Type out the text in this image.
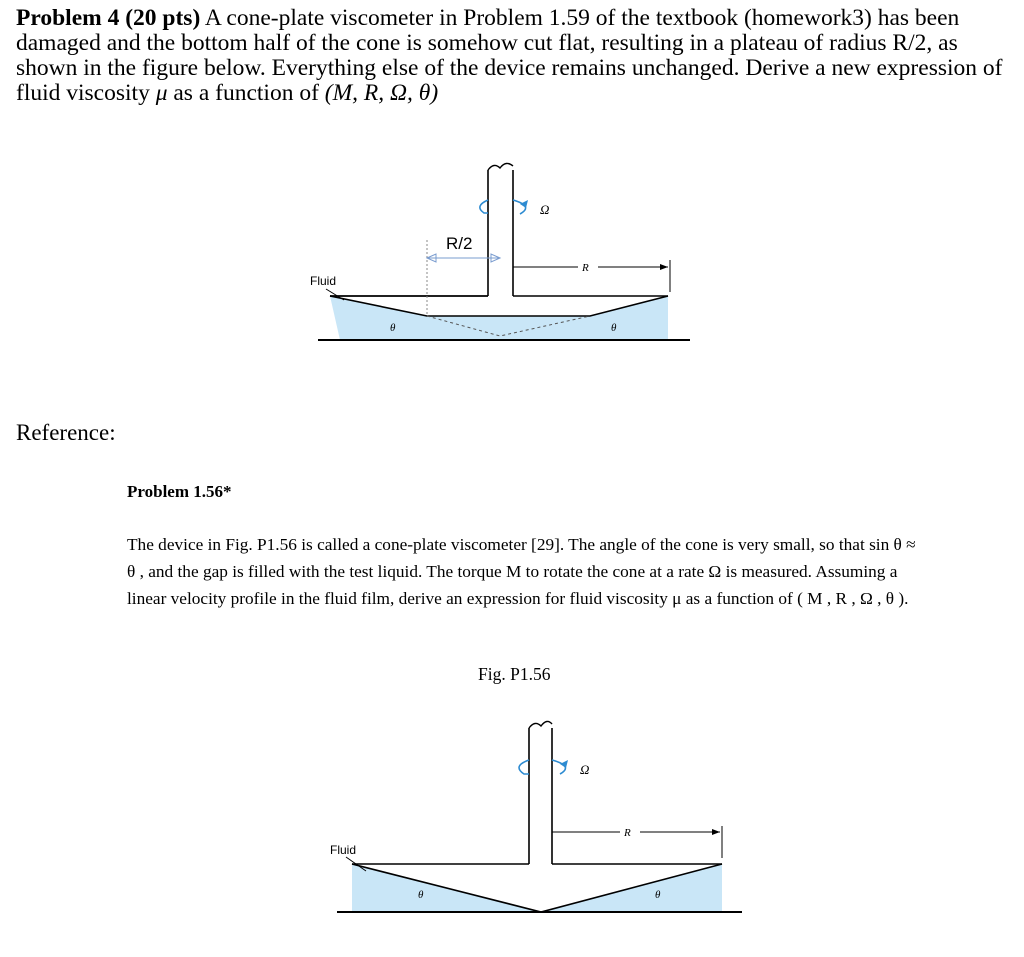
Problem 4 (20 pts) A cone-plate viscometer in Problem 1.59 of the textbook (homework3) has been damaged and the bottom half of the cone is somehow cut flat, resulting in a plateau of radius R/2, as shown in the figure below. Everything else of the device remains unchanged. Derive a new expression of fluid viscosity μ as a function of (M, R, Ω, θ)
Ω
R/2
R
Fluid
θ	θ
Ω
R
Fluid
θ	θ
Reference:
Problem 1.56*
The device in Fig. P1.56 is called a cone-plate viscometer [29]. The angle of the cone is very small, so that sin θ ≈ θ , and the gap is filled with the test liquid. The torque M to rotate the cone at a rate Ω is measured. Assuming a linear velocity profile in the fluid film, derive an expression for fluid viscosity μ as a function of ( M , R , Ω , θ ).
Fig. P1.56
